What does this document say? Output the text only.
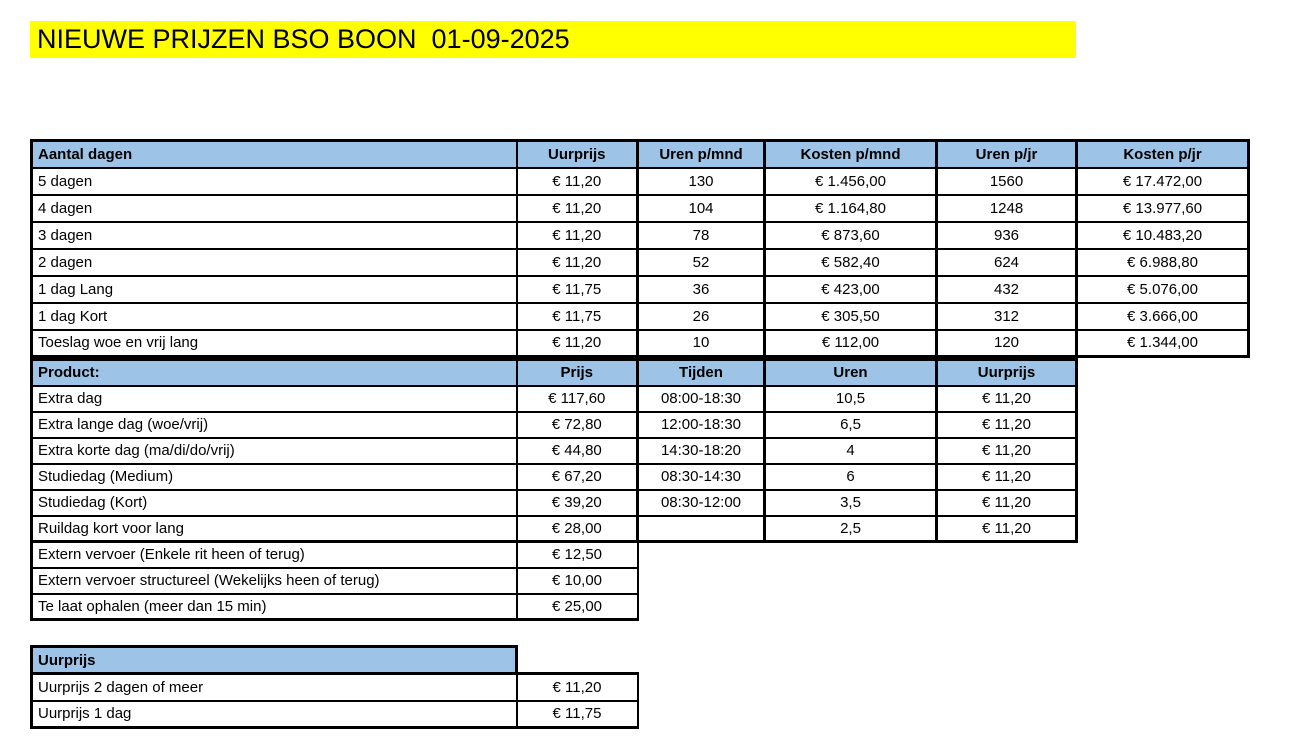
NIEUWE PRIJZEN BSO BOON  01-09-2025
Aantal dagen	Uurprijs	Uren p/mnd	Kosten p/mnd	Uren p/jr	Kosten p/jr
5 dagen	€ 11,20	130	€ 1.456,00	1560	€ 17.472,00
4 dagen	€ 11,20	104	€ 1.164,80	1248	€ 13.977,60
3 dagen	€ 11,20	78	€ 873,60	936	€ 10.483,20
2 dagen	€ 11,20	52	€ 582,40	624	€ 6.988,80
1 dag Lang	€ 11,75	36	€ 423,00	432	€ 5.076,00
1 dag Kort	€ 11,75	26	€ 305,50	312	€ 3.666,00
Toeslag woe en vrij lang	€ 11,20	10	€ 112,00	120	€ 1.344,00
Product:	Prijs	Tijden	Uren	Uurprijs
Extra dag	€ 117,60	08:00-18:30	10,5	€ 11,20
Extra lange dag (woe/vrij)	€ 72,80	12:00-18:30	6,5	€ 11,20
Extra korte dag (ma/di/do/vrij)	€ 44,80	14:30-18:20	4	€ 11,20
Studiedag (Medium)	€ 67,20	08:30-14:30	6	€ 11,20
Studiedag (Kort)	€ 39,20	08:30-12:00	3,5	€ 11,20
Ruildag kort voor lang	€ 28,00		2,5	€ 11,20
Extern vervoer (Enkele rit heen of terug)	€ 12,50			
Extern vervoer structureel (Wekelijks heen of terug)	€ 10,00			
Te laat ophalen (meer dan 15 min)	€ 25,00			
Uurprijs	
Uurprijs 2 dagen of meer	€ 11,20
Uurprijs 1 dag	€ 11,75
